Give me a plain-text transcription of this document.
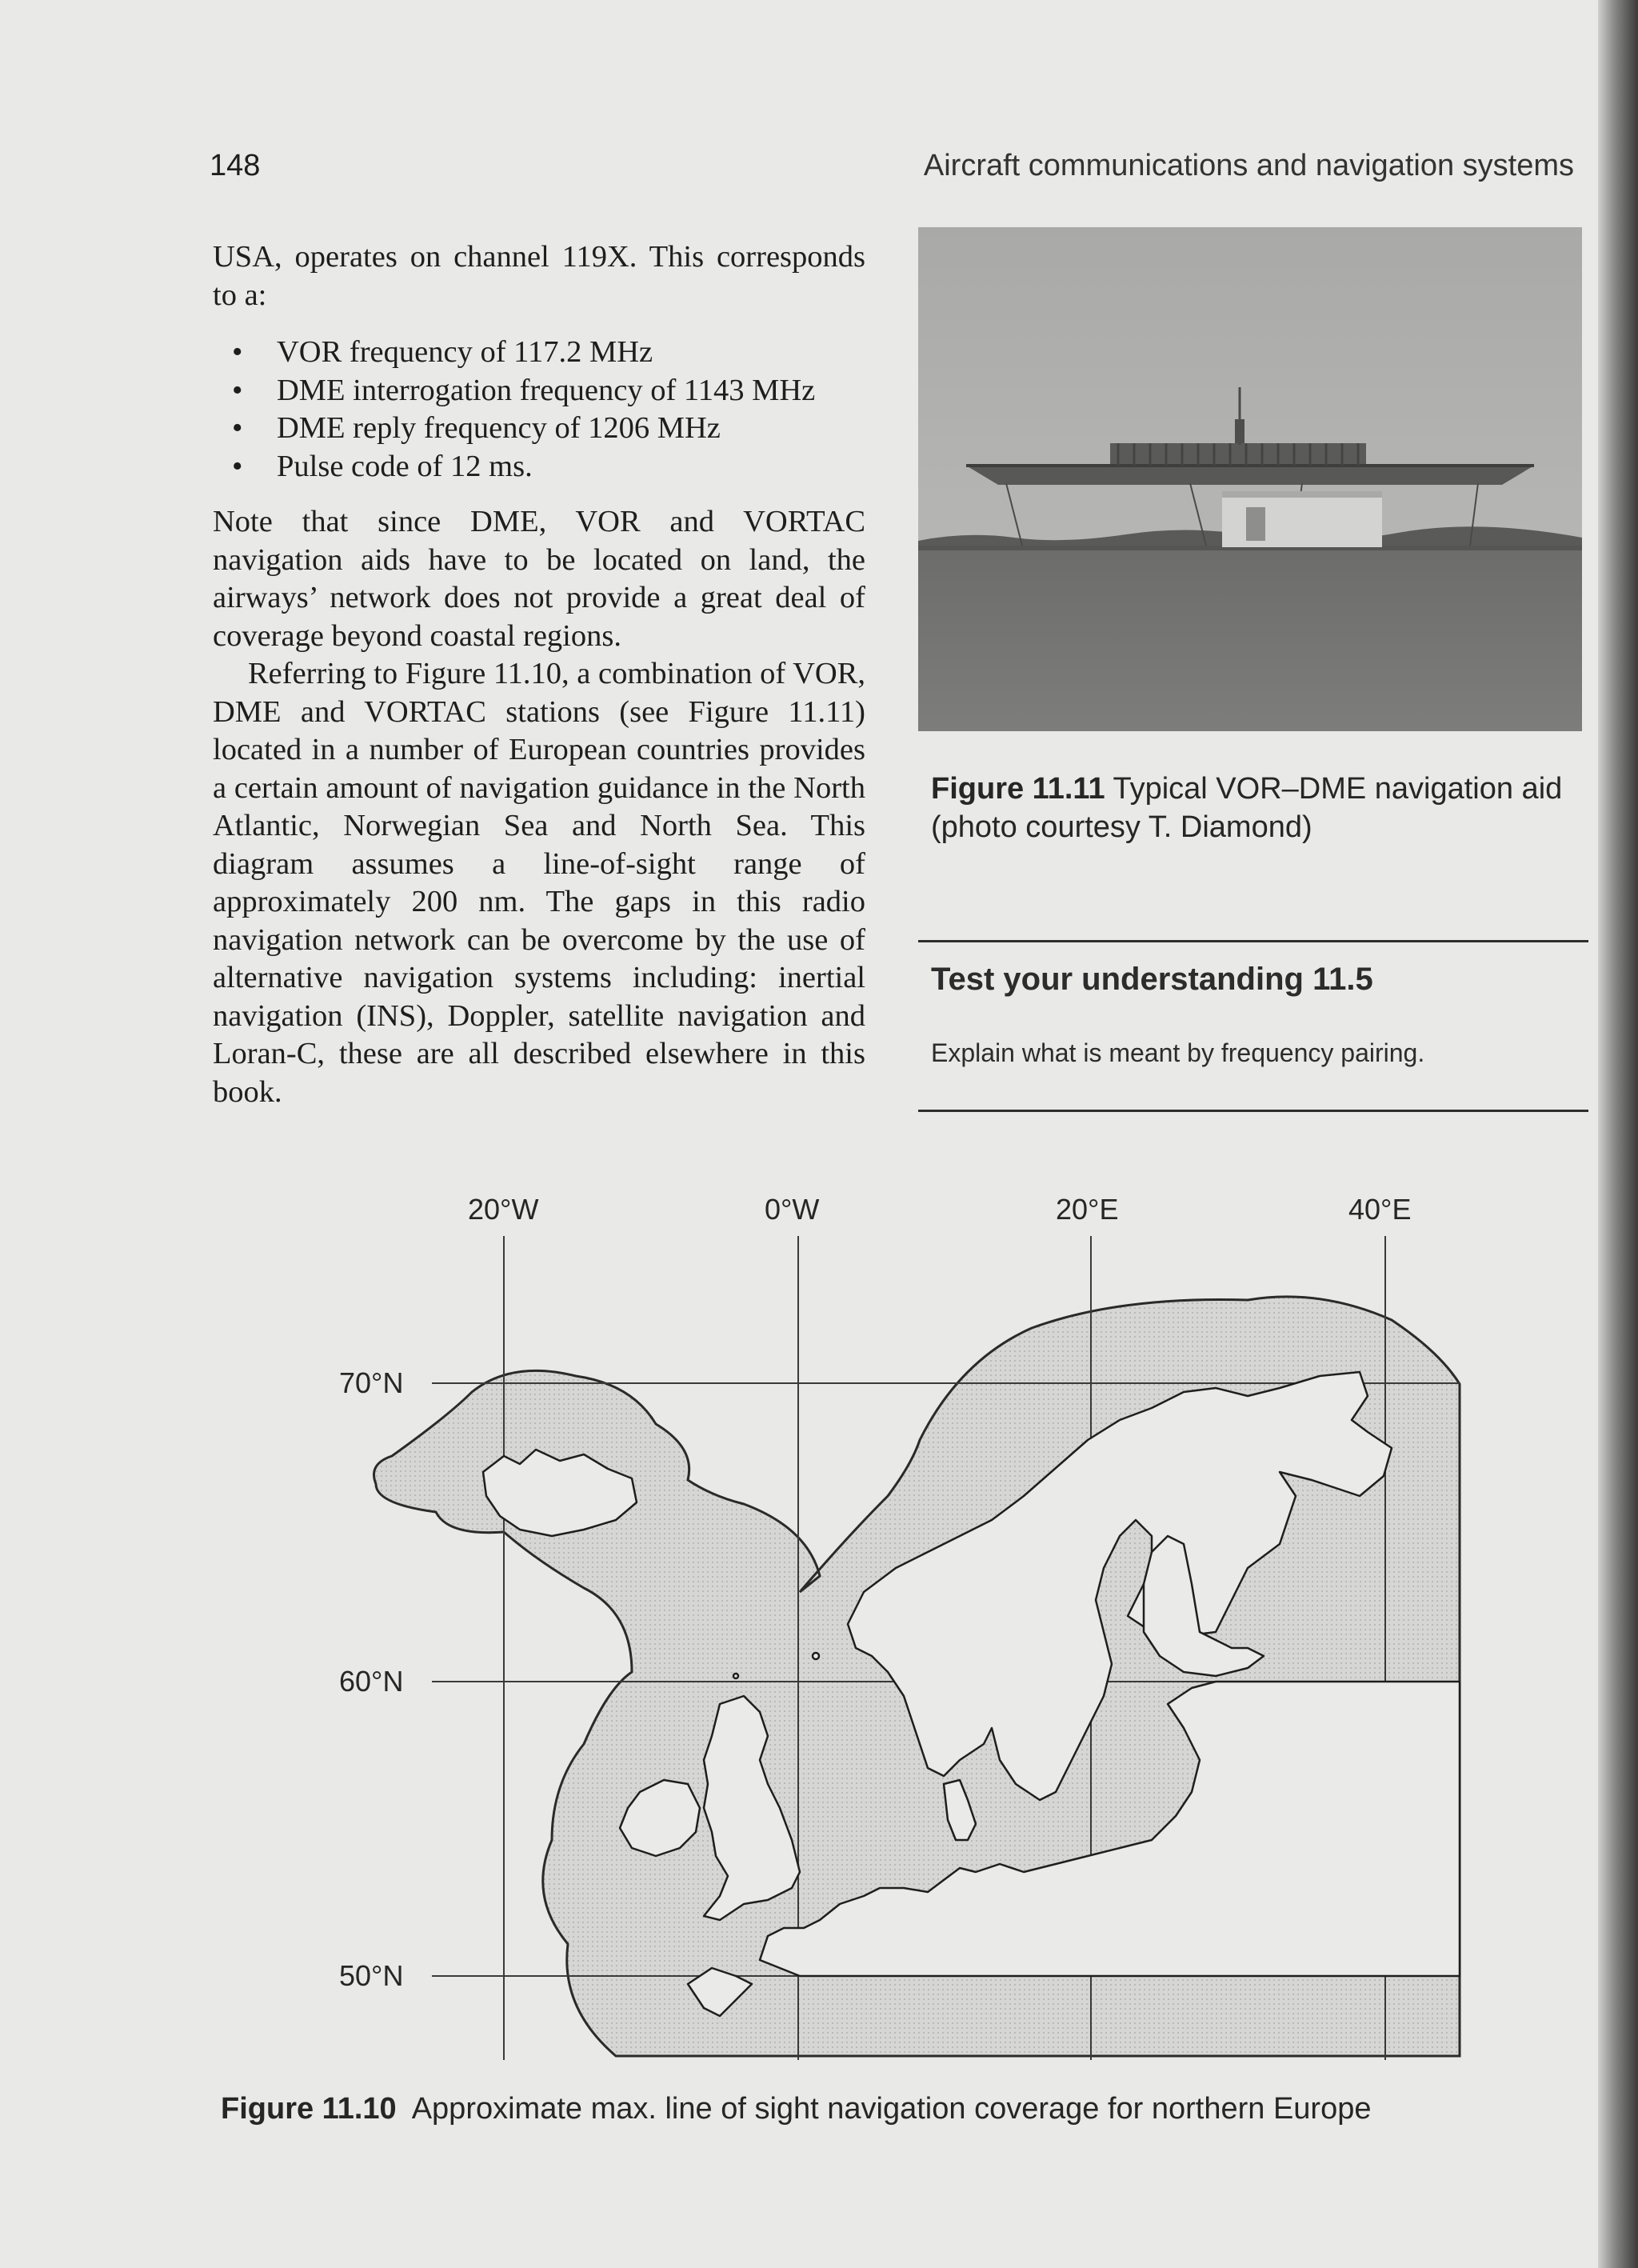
148	Aircraft communications and navigation systems

USA, operates on channel 119X. This corresponds to a:

• VOR frequency of 117.2 MHz
• DME interrogation frequency of 1143 MHz
• DME reply frequency of 1206 MHz
• Pulse code of 12 ms.

Note that since DME, VOR and VORTAC navigation aids have to be located on land, the airways’ network does not provide a great deal of coverage beyond coastal regions.

Referring to Figure 11.10, a combination of VOR, DME and VORTAC stations (see Figure 11.11) located in a number of European countries provides a certain amount of navigation guidance in the North Atlantic, Norwegian Sea and North Sea. This diagram assumes a line-of-sight range of approximately 200 nm. The gaps in this radio navigation network can be overcome by the use of alternative navigation systems including: inertial navigation (INS), Doppler, satellite navigation and Loran-C, these are all described elsewhere in this book.

Figure 11.11 Typical VOR–DME navigation aid (photo courtesy T. Diamond)
Test your understanding 11.5
Explain what is meant by frequency pairing.
20°W	0°W	20°E	40°E
70°N
60°N
50°N
Figure 11.10 Approximate max. line of sight navigation coverage for northern Europe
